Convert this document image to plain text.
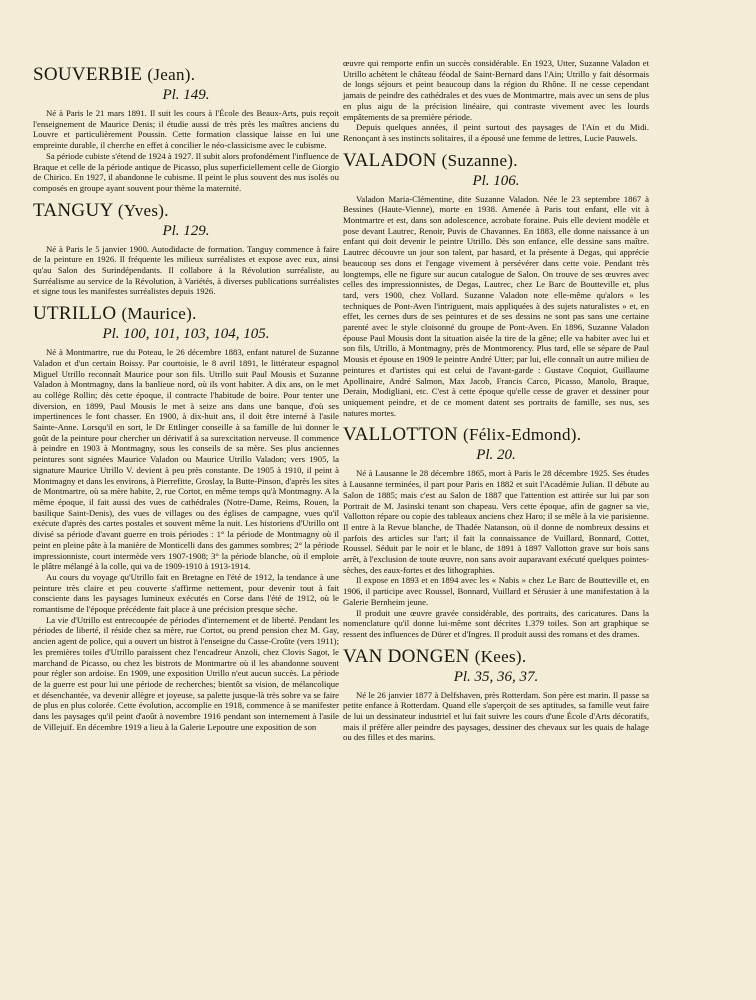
SOUVERBIE (Jean).
Pl. 149.

Né à Paris le 21 mars 1891. Il suit les cours à l'École des Beaux-Arts, puis reçoit l'enseignement de Maurice Denis; il étudie aussi de très près les maîtres anciens du Louvre et particulièrement Poussin. Cette formation classique laisse en lui une empreinte durable, il cherche en effet à concilier le néo-classicisme avec le cubisme.

Sa période cubiste s'étend de 1924 à 1927. Il subit alors profondément l'influence de Braque et celle de la période antique de Picasso, plus superficiellement celle de Giorgio de Chirico. En 1927, il abandonne le cubisme. Il peint le plus souvent des nus isolés ou composés en groupe ayant souvent pour thème la maternité.

TANGUY (Yves).
Pl. 129.

Né à Paris le 5 janvier 1900. Autodidacte de formation. Tanguy commence à faire de la peinture en 1926. Il fréquente les milieux surréalistes et expose avec eux, ainsi qu'au Salon des Surindépendants. Il collabore à la Révolution surréaliste, au Surréalisme au service de la Révolution, à Variétés, à diverses publications surréalistes et signe tous les manifestes surréalistes depuis 1926.

UTRILLO (Maurice).
Pl. 100, 101, 103, 104, 105.

Né à Montmartre, rue du Poteau, le 26 décembre 1883, enfant naturel de Suzanne Valadon et d'un certain Boissy. Par courtoisie, le 8 avril 1891, le littérateur espagnol Miguel Utrillo reconnaît Maurice pour son fils. Utrillo suit Paul Mousis et Suzanne Valadon à Montmagny, dans la banlieue nord, où ils vont habiter. A dix ans, on le met au collège Rollin; dès cette époque, il contracte l'habitude de boire. Pour tenter une diversion, en 1899, Paul Mousis le met à seize ans dans une banque, d'où ses impertinences le font chasser. En 1900, à dix-huit ans, il doit être interné à l'asile Sainte-Anne. Lorsqu'il en sort, le Dr Ettlinger conseille à sa famille de lui donner le goût de la peinture pour chercher un dérivatif à sa surexcitation nerveuse. Il commence à peindre en 1903 à Montmagny, sous les conseils de sa mère. Ses plus anciennes peintures sont signées Maurice Valadon ou Maurice Utrillo Valadon; vers 1905, la signature Maurice Utrillo V. devient à peu près constante. De 1905 à 1910, il peint à Montmagny et dans les environs, à Pierrefitte, Groslay, la Butte-Pinson, d'après les sites de Montmartre, où sa mère habite, 2, rue Cortot, en même temps qu'à Montmagny. A la même époque, il fait aussi des vues de cathédrales (Notre-Dame, Reims, Rouen, la basilique Saint-Denis), des vues de villages ou des églises de campagne, vues qu'il exécute d'après des cartes postales et souvent même la nuit. Les historiens d'Utrillo ont divisé sa période d'avant guerre en trois périodes : 1° la période de Montmagny où il peint en pleine pâte à la manière de Monticelli dans des gammes sombres; 2° la période impressionniste, court intermède vers 1907-1908; 3° la période blanche, où il emploie le plâtre mélangé à la colle, qui va de 1909-1910 à 1913-1914.

Au cours du voyage qu'Utrillo fait en Bretagne en l'été de 1912, la tendance à une peinture très claire et peu couverte s'affirme nettement, pour devenir tout à fait consciente dans les paysages lumineux exécutés en Corse dans l'été de 1912, où le romantisme de l'époque précédente fait place à une précision presque sèche.

La vie d'Utrillo est entrecoupée de périodes d'internement et de liberté. Pendant les périodes de liberté, il réside chez sa mère, rue Cortot, ou prend pension chez M. Gay, ancien agent de police, qui a ouvert un bistrot à l'enseigne du Casse-Croûte (vers 1911); les premières toiles d'Utrillo paraissent chez l'encadreur Anzoli, chez Clovis Sagot, le marchand de Picasso, ou chez les bistrots de Montmartre où il les abandonne souvent pour régler son ardoise. En 1909, une exposition Utrillo n'eut aucun succès. La période de la guerre est pour lui une période de recherches; bientôt sa vision, de mélancolique et désenchantée, va devenir allègre et joyeuse, sa palette jusque-là très sobre va se faire de plus en plus colorée. Cette évolution, accomplie en 1918, commence à se manifester dans les paysages qu'il peint d'août à novembre 1916 pendant son internement à l'asile de Villejuif. En décembre 1919 a lieu à la Galerie Lepoutre une exposition de son

œuvre qui remporte enfin un succès considérable. En 1923, Utter, Suzanne Valadon et Utrillo achètent le château féodal de Saint-Bernard dans l'Ain; Utrillo y fait désormais de longs séjours et peint beaucoup dans la région du Rhône. Il ne cesse cependant jamais de peindre des cathédrales et des vues de Montmartre, mais avec un sens de plus en plus aigu de la précision linéaire, qui contraste vivement avec les lourds empâtements de sa première période.

Depuis quelques années, il peint surtout des paysages de l'Ain et du Midi. Renonçant à ses instincts solitaires, il a épousé une femme de lettres, Lucie Pauwels.

VALADON (Suzanne).
Pl. 106.

Valadon Maria-Clémentine, dite Suzanne Valadon. Née le 23 septembre 1867 à Bessines (Haute-Vienne), morte en 1938. Amenée à Paris tout enfant, elle vit à Montmartre et est, dans son adolescence, acrobate foraine. Puis elle devient modèle et pose devant Lautrec, Renoir, Puvis de Chavannes. En 1883, elle donne naissance à un enfant qui doit devenir le peintre Utrillo. Dès son enfance, elle dessine sans maître. Lautrec découvre un jour son talent, par hasard, et la présente à Degas, qui apprécie beaucoup ses dons et l'engage vivement à persévérer dans cette voie. Pendant très longtemps, elle ne figure sur aucun catalogue de Salon. On trouve de ses œuvres avec celles des impressionnistes, de Degas, Lautrec, chez Le Barc de Boutteville et, plus tard, vers 1900, chez Vollard. Suzanne Valadon note elle-même qu'alors « les techniques de Pont-Aven l'intriguent, mais appliquées à des sujets naturalistes » et, en effet, les cernes durs de ses peintures et de ses dessins ne sont pas sans une certaine parenté avec le style cloisonné du groupe de Pont-Aven. En 1896, Suzanne Valadon épouse Paul Mousis dont la situation aisée la tire de la gêne; elle va habiter avec lui et son fils, Utrillo, à Montmagny, près de Montmorency. Plus tard, elle se sépare de Paul Mousis et épouse en 1909 le peintre André Utter; par lui, elle connaît un autre milieu de peintures et d'artistes qui est celui de l'avant-garde : Gustave Coquiot, Guillaume Apollinaire, André Salmon, Max Jacob, Francis Carco, Picasso, Manolo, Braque, Derain, Modigliani, etc. C'est à cette époque qu'elle cesse de graver et dessiner pour uniquement peindre, et de ce moment datent ses portraits de famille, ses nus, ses natures mortes.

VALLOTTON (Félix-Edmond).
Pl. 20.

Né à Lausanne le 28 décembre 1865, mort à Paris le 28 décembre 1925. Ses études à Lausanne terminées, il part pour Paris en 1882 et suit l'Académie Julian. Il débute au Salon de 1885; mais c'est au Salon de 1887 que l'attention est attirée sur lui par son Portrait de M. Jasinski tenant son chapeau. Vers cette époque, afin de gagner sa vie, Vallotton répare ou copie des tableaux anciens chez Haro; il se mêle à la vie parisienne. Il entre à la Revue blanche, de Thadée Natanson, où il donne de nombreux dessins et parfois des articles sur l'art; il fait la connaissance de Vuillard, Bonnard, Cottet, Roussel. Séduit par le noir et le blanc, de 1891 à 1897 Vallotton grave sur bois sans arrêt, à l'exclusion de toute œuvre, non sans avoir auparavant exécuté quelques pointes-sèches, des eaux-fortes et des lithographies.

Il expose en 1893 et en 1894 avec les « Nabis » chez Le Barc de Boutteville et, en 1906, il participe avec Roussel, Bonnard, Vuillard et Sérusier à une manifestation à la Galerie Bernheim jeune.

Il produit une œuvre gravée considérable, des portraits, des caricatures. Dans la nomenclature qu'il donne lui-même sont décrites 1.379 toiles. Son art graphique se ressent des influences de Dürer et d'Ingres. Il produit aussi des romans et des drames.

VAN DONGEN (Kees).
Pl. 35, 36, 37.

Né le 26 janvier 1877 à Delfshaven, près Rotterdam. Son père est marin. Il passe sa petite enfance à Rotterdam. Quand elle s'aperçoit de ses aptitudes, sa famille veut faire de lui un dessinateur industriel et lui fait suivre les cours d'une École d'Arts décoratifs, mais il préfère aller peindre des paysages, dessiner des chevaux sur les quais de halage ou des filles et des marins.
